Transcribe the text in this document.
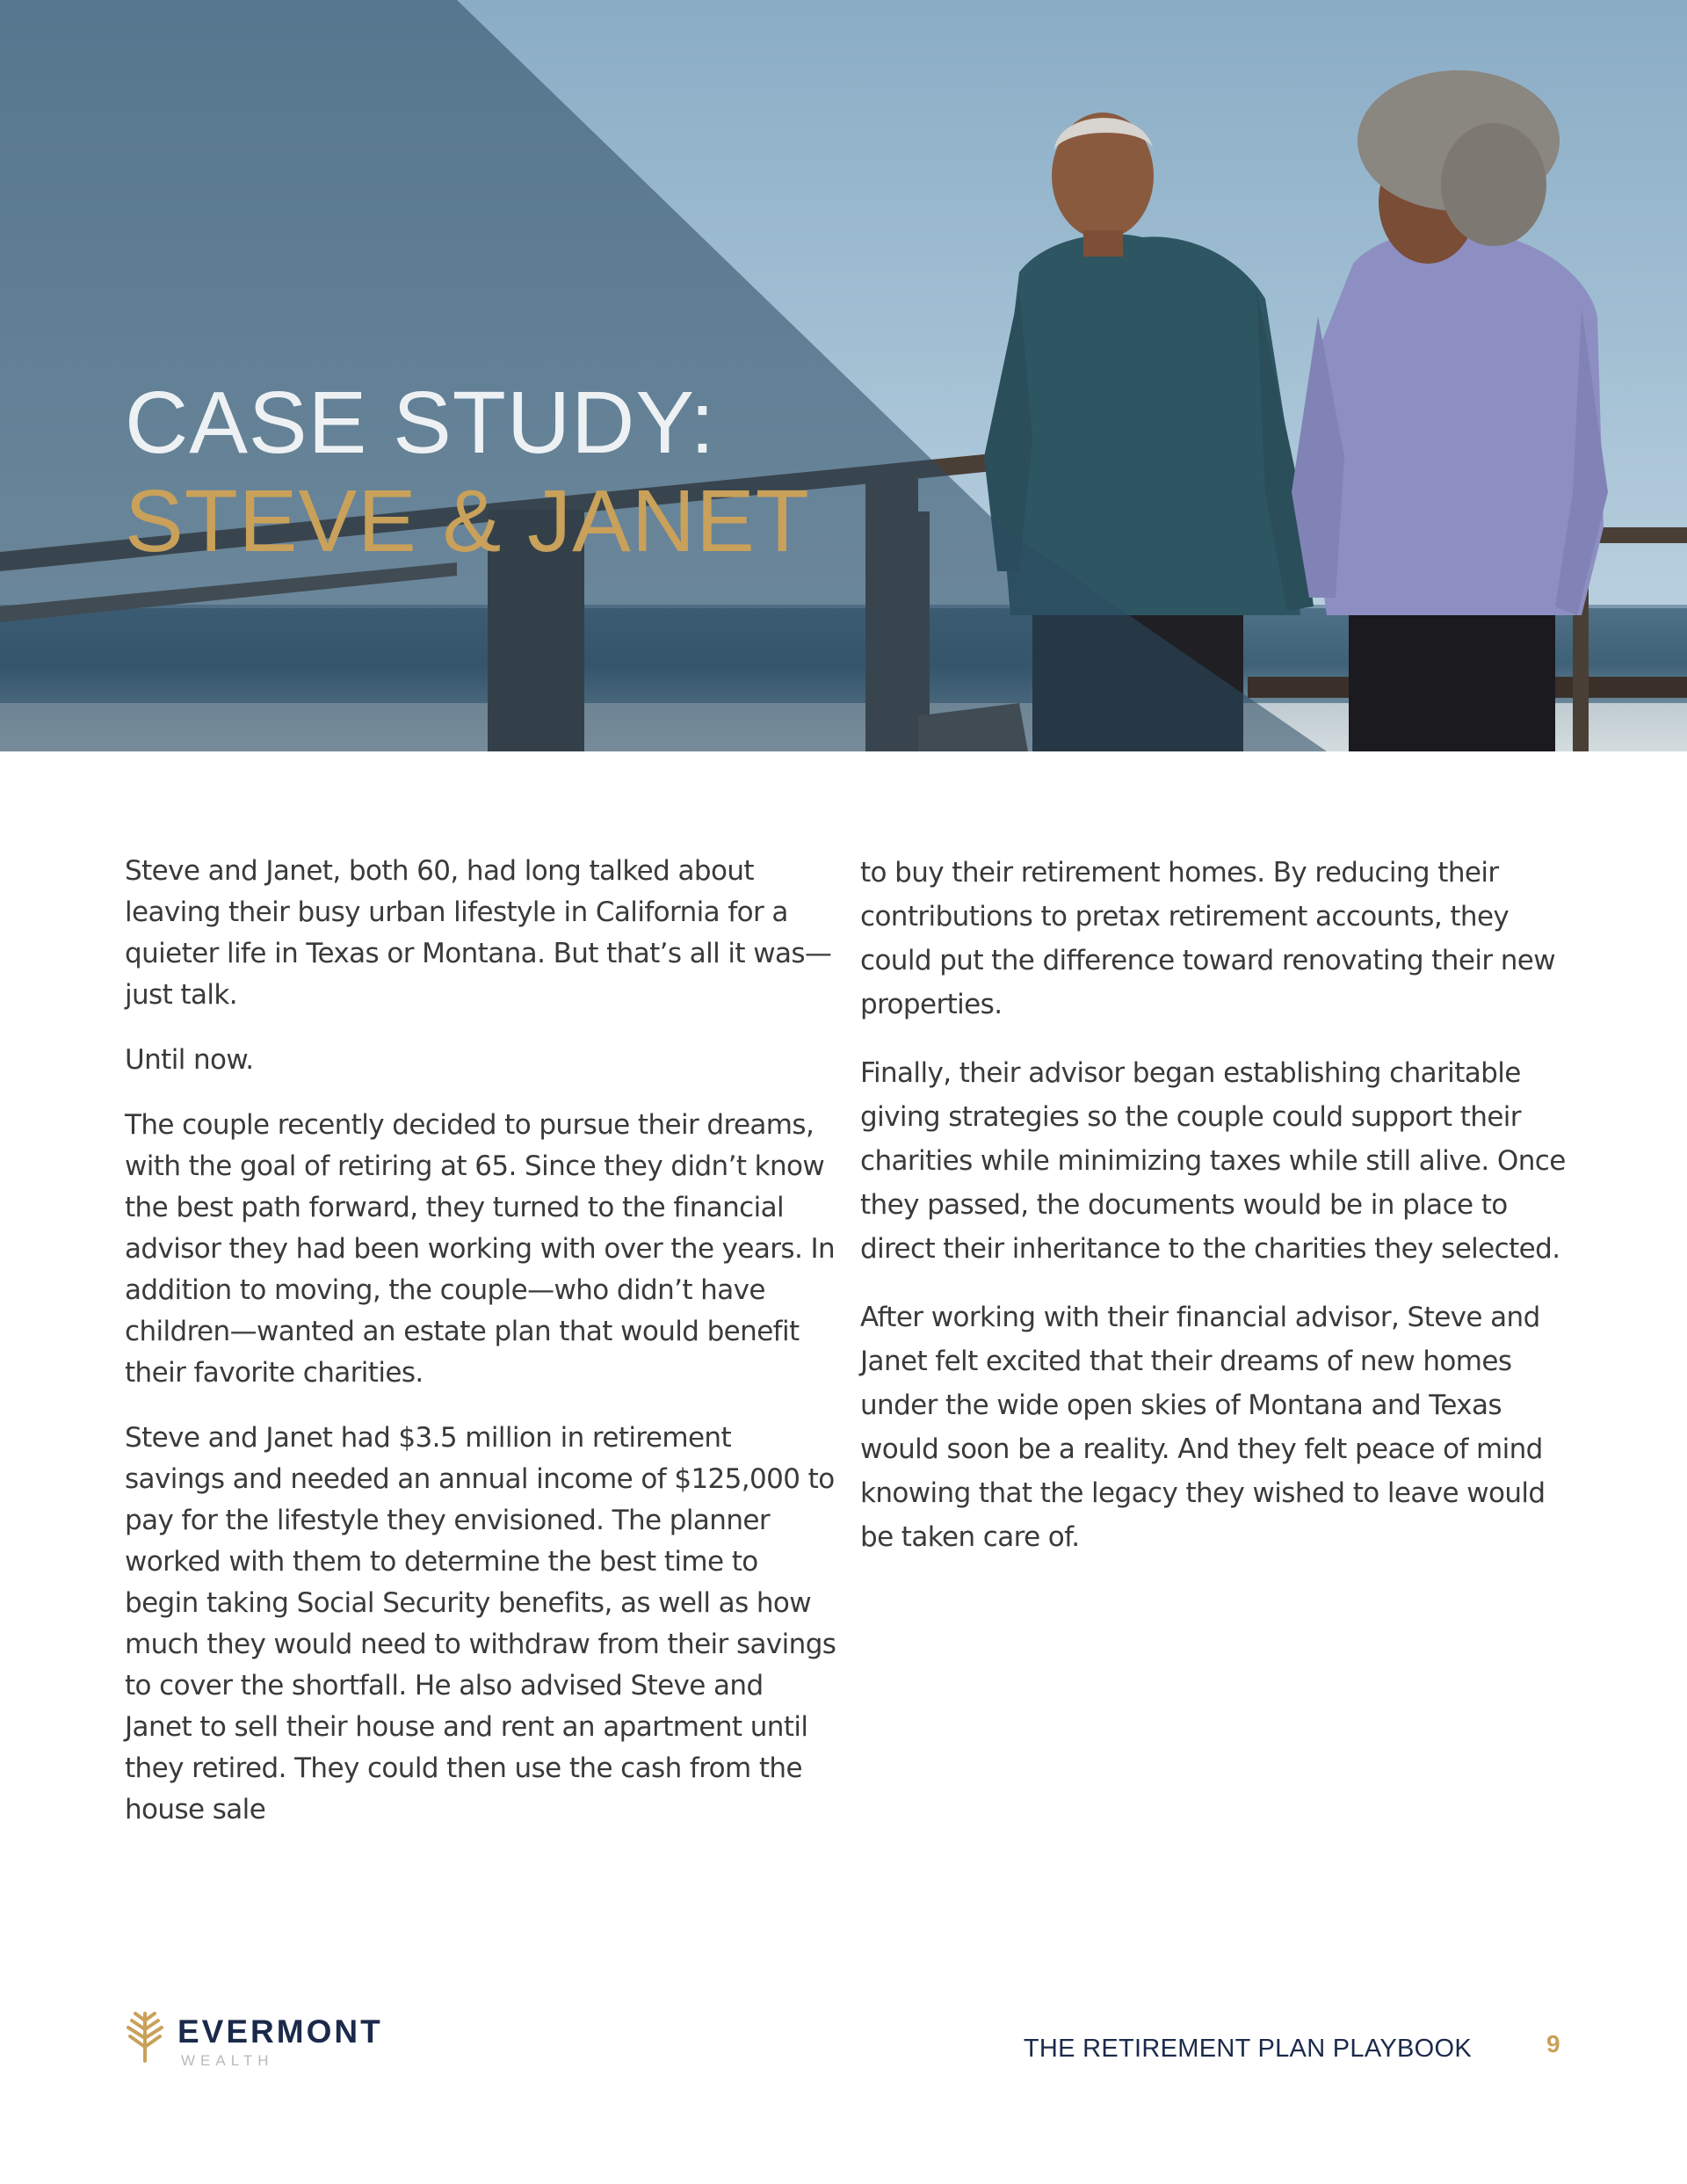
CASE STUDY:
STEVE & JANET

Steve and Janet, both 60, had long talked about leaving their busy urban lifestyle in California for a quieter life in Texas or Montana. But that’s all it was—just talk.

Until now.

The couple recently decided to pursue their dreams, with the goal of retiring at 65. Since they didn’t know the best path forward, they turned to the financial advisor they had been working with over the years. In addition to moving, the couple—who didn’t have children—wanted an estate plan that would benefit their favorite charities.

Steve and Janet had $3.5 million in retirement savings and needed an annual income of $125,000 to pay for the lifestyle they envisioned. The planner worked with them to determine the best time to begin taking Social Security benefits, as well as how much they would need to withdraw from their savings to cover the shortfall. He also advised Steve and Janet to sell their house and rent an apartment until they retired. They could then use the cash from the house sale

to buy their retirement homes. By reducing their contributions to pretax retirement accounts, they could put the difference toward renovating their new properties.

Finally, their advisor began establishing charitable giving strategies so the couple could support their charities while minimizing taxes while still alive. Once they passed, the documents would be in place to direct their inheritance to the charities they selected.

After working with their financial advisor, Steve and Janet felt excited that their dreams of new homes under the wide open skies of Montana and Texas would soon be a reality. And they felt peace of mind knowing that the legacy they wished to leave would be taken care of.

EVERMONT
WEALTH	THE RETIREMENT PLAN PLAYBOOK	9
